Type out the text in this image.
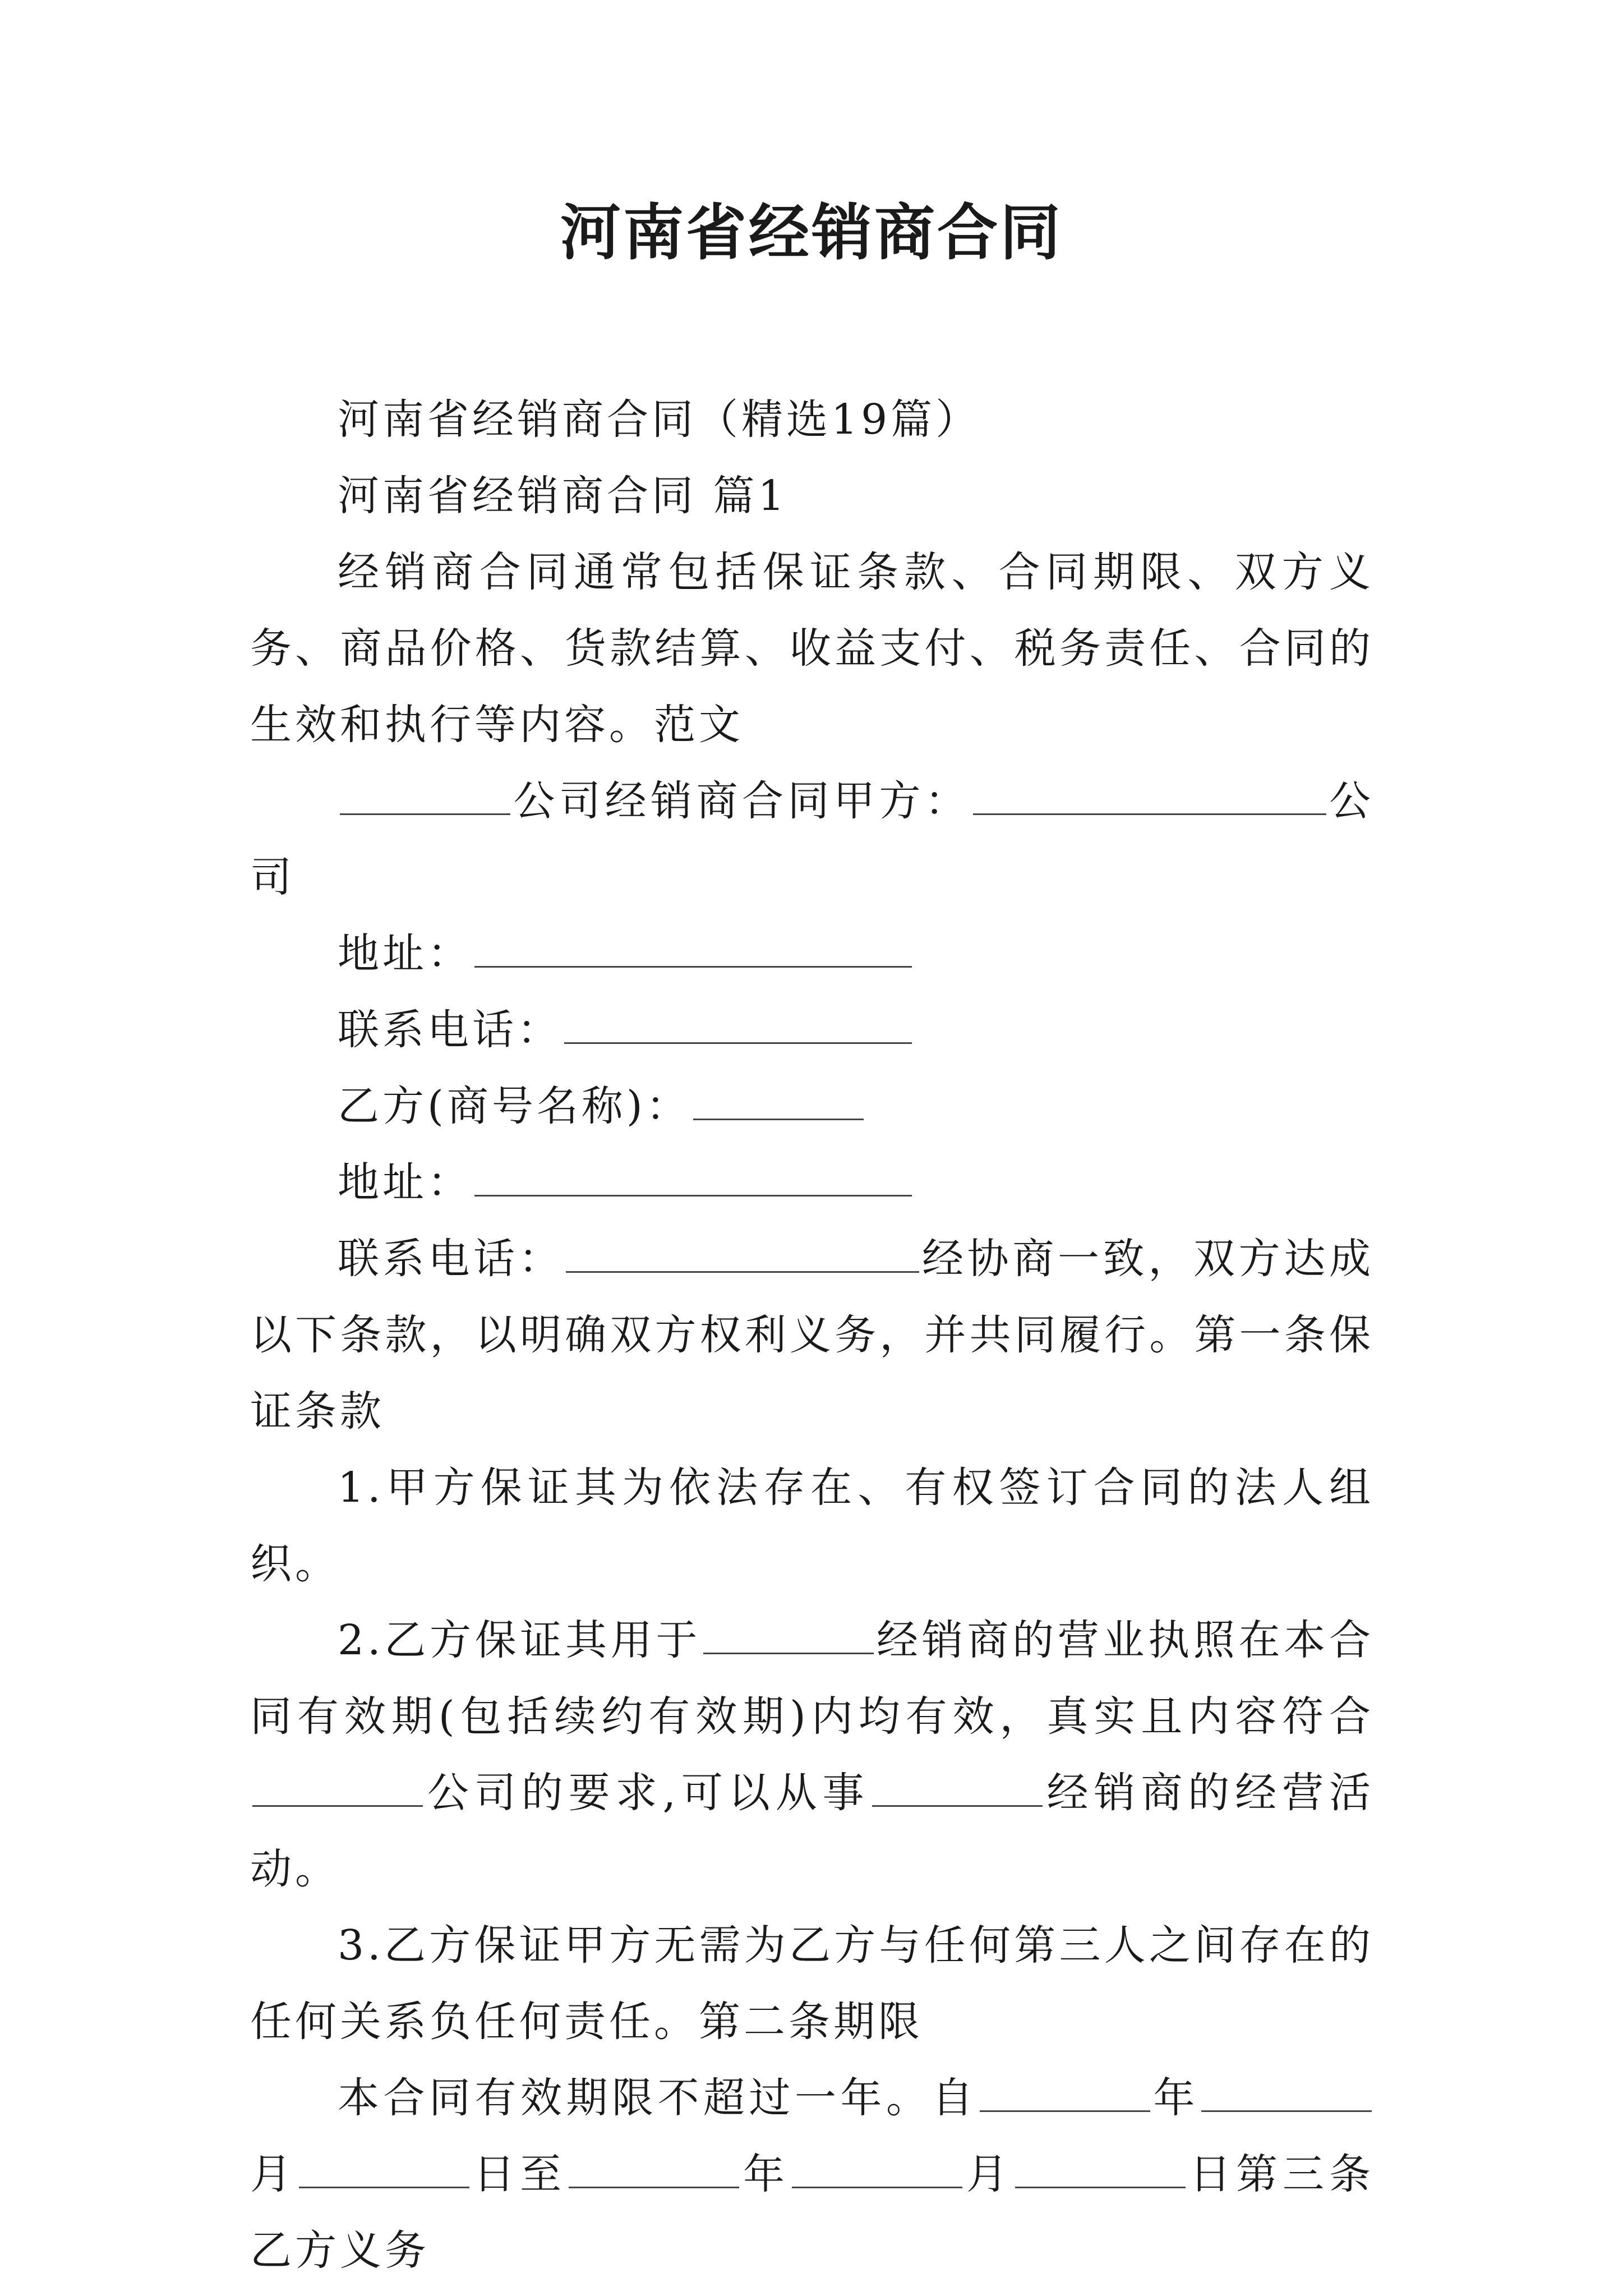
河南省经销商合同

河南省经销商合同（精选19篇）

河南省经销商合同 篇1

经销商合同通常包括保证条款、合同期限、双方义务、商品价格、货款结算、收益支付、税务责任、合同的生效和执行等内容。范文

公司经销商合同甲方：	公司

地址：

联系电话：

乙方(商号名称)：

地址：

联系电话：	经协商一致，双方达成以下条款，以明确双方权利义务，并共同履行。第一条保证条款

1.甲方保证其为依法存在、有权签订合同的法人组织。

2.乙方保证其用于	经销商的营业执照在本合同有效期(包括续约有效期)内均有效，真实且内容符合公司的要求,可以从事	经销商的经营活动。

3.乙方保证甲方无需为乙方与任何第三人之间存在的任何关系负任何责任。第二条期限

本合同有效期限不超过一年。自	年月	日至	年	月	日第三条乙方义务
